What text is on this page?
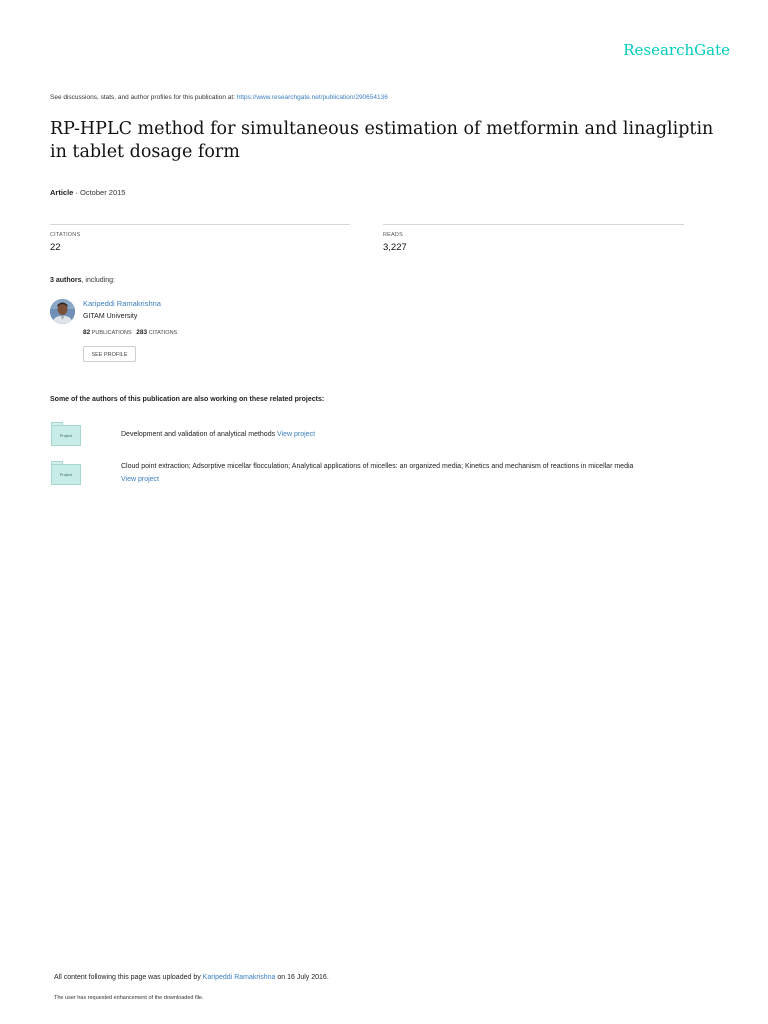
ResearchGate
See discussions, stats, and author profiles for this publication at: https://www.researchgate.net/publication/290654136
RP-HPLC method for simultaneous estimation of metformin and linagliptin in tablet dosage form
Article · October 2015
CITATIONS
22
READS
3,227
3 authors, including:
Karipeddi Ramakrishna
GITAM University
82 PUBLICATIONS 283 CITATIONS
SEE PROFILE
Some of the authors of this publication are also working on these related projects:
Project	Development and validation of analytical methods View project
Project
Cloud point extraction; Adsorptive micellar flocculation; Analytical applications of micelles: an organized media; Kinetics and mechanism of reactions in micellar media
View project
All content following this page was uploaded by Karipeddi Ramakrishna on 16 July 2016.
The user has requested enhancement of the downloaded file.
